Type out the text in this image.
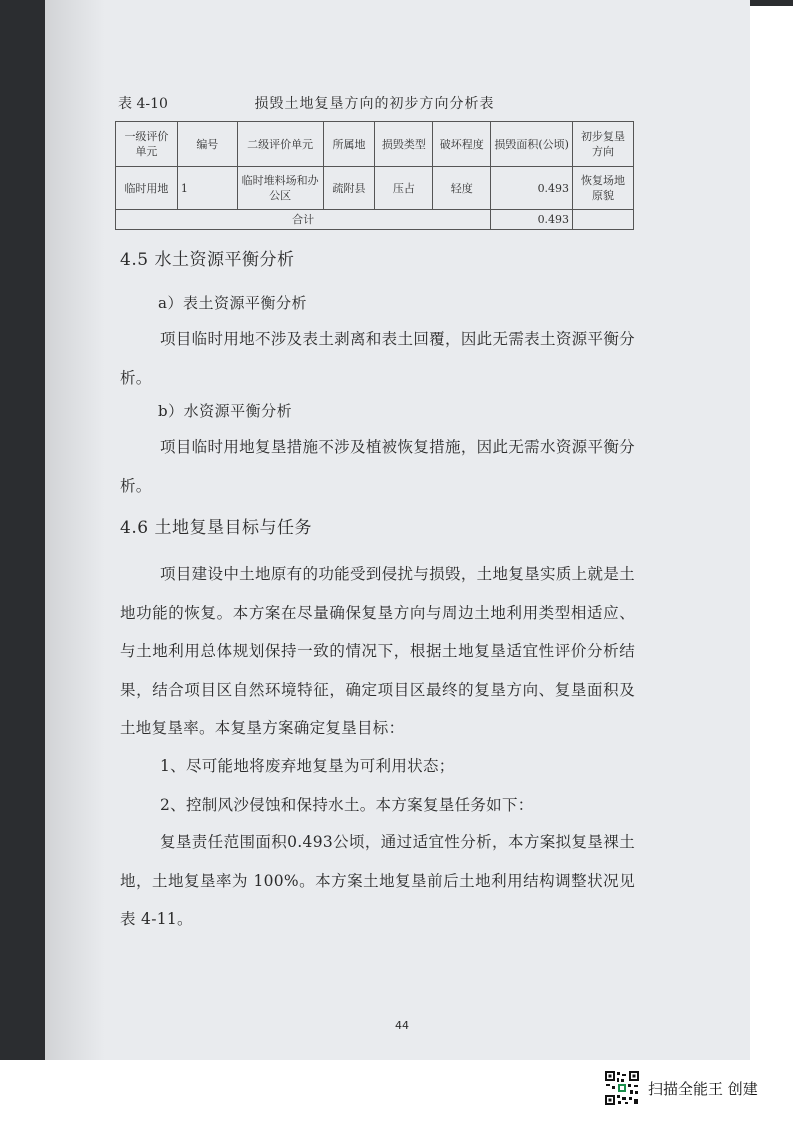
表 4-10	损毁土地复垦方向的初步方向分析表
一级评价单元	编号	二级评价单元	所属地	损毁类型	破坏程度	损毁面积(公顷)	初步复垦方向
临时用地	1	临时堆料场和办公区	疏附县	压占	轻度	0.493	恢复场地原貌
合计						0.493	
4.5 水土资源平衡分析
a）表土资源平衡分析

项目临时用地不涉及表土剥离和表土回覆，因此无需表土资源平衡分析。

b）水资源平衡分析

项目临时用地复垦措施不涉及植被恢复措施，因此无需水资源平衡分析。

4.6 土地复垦目标与任务

项目建设中土地原有的功能受到侵扰与损毁，土地复垦实质上就是土地功能的恢复。本方案在尽量确保复垦方向与周边土地利用类型相适应、与土地利用总体规划保持一致的情况下，根据土地复垦适宜性评价分析结果，结合项目区自然环境特征，确定项目区最终的复垦方向、复垦面积及土地复垦率。本复垦方案确定复垦目标：

1、尽可能地将废弃地复垦为可利用状态；
2、控制风沙侵蚀和保持水土。本方案复垦任务如下：

复垦责任范围面积0.493公顷，通过适宜性分析，本方案拟复垦裸土地，土地复垦率为 100%。本方案土地复垦前后土地利用结构调整状况见表 4-11。

44
扫描全能王 创建
